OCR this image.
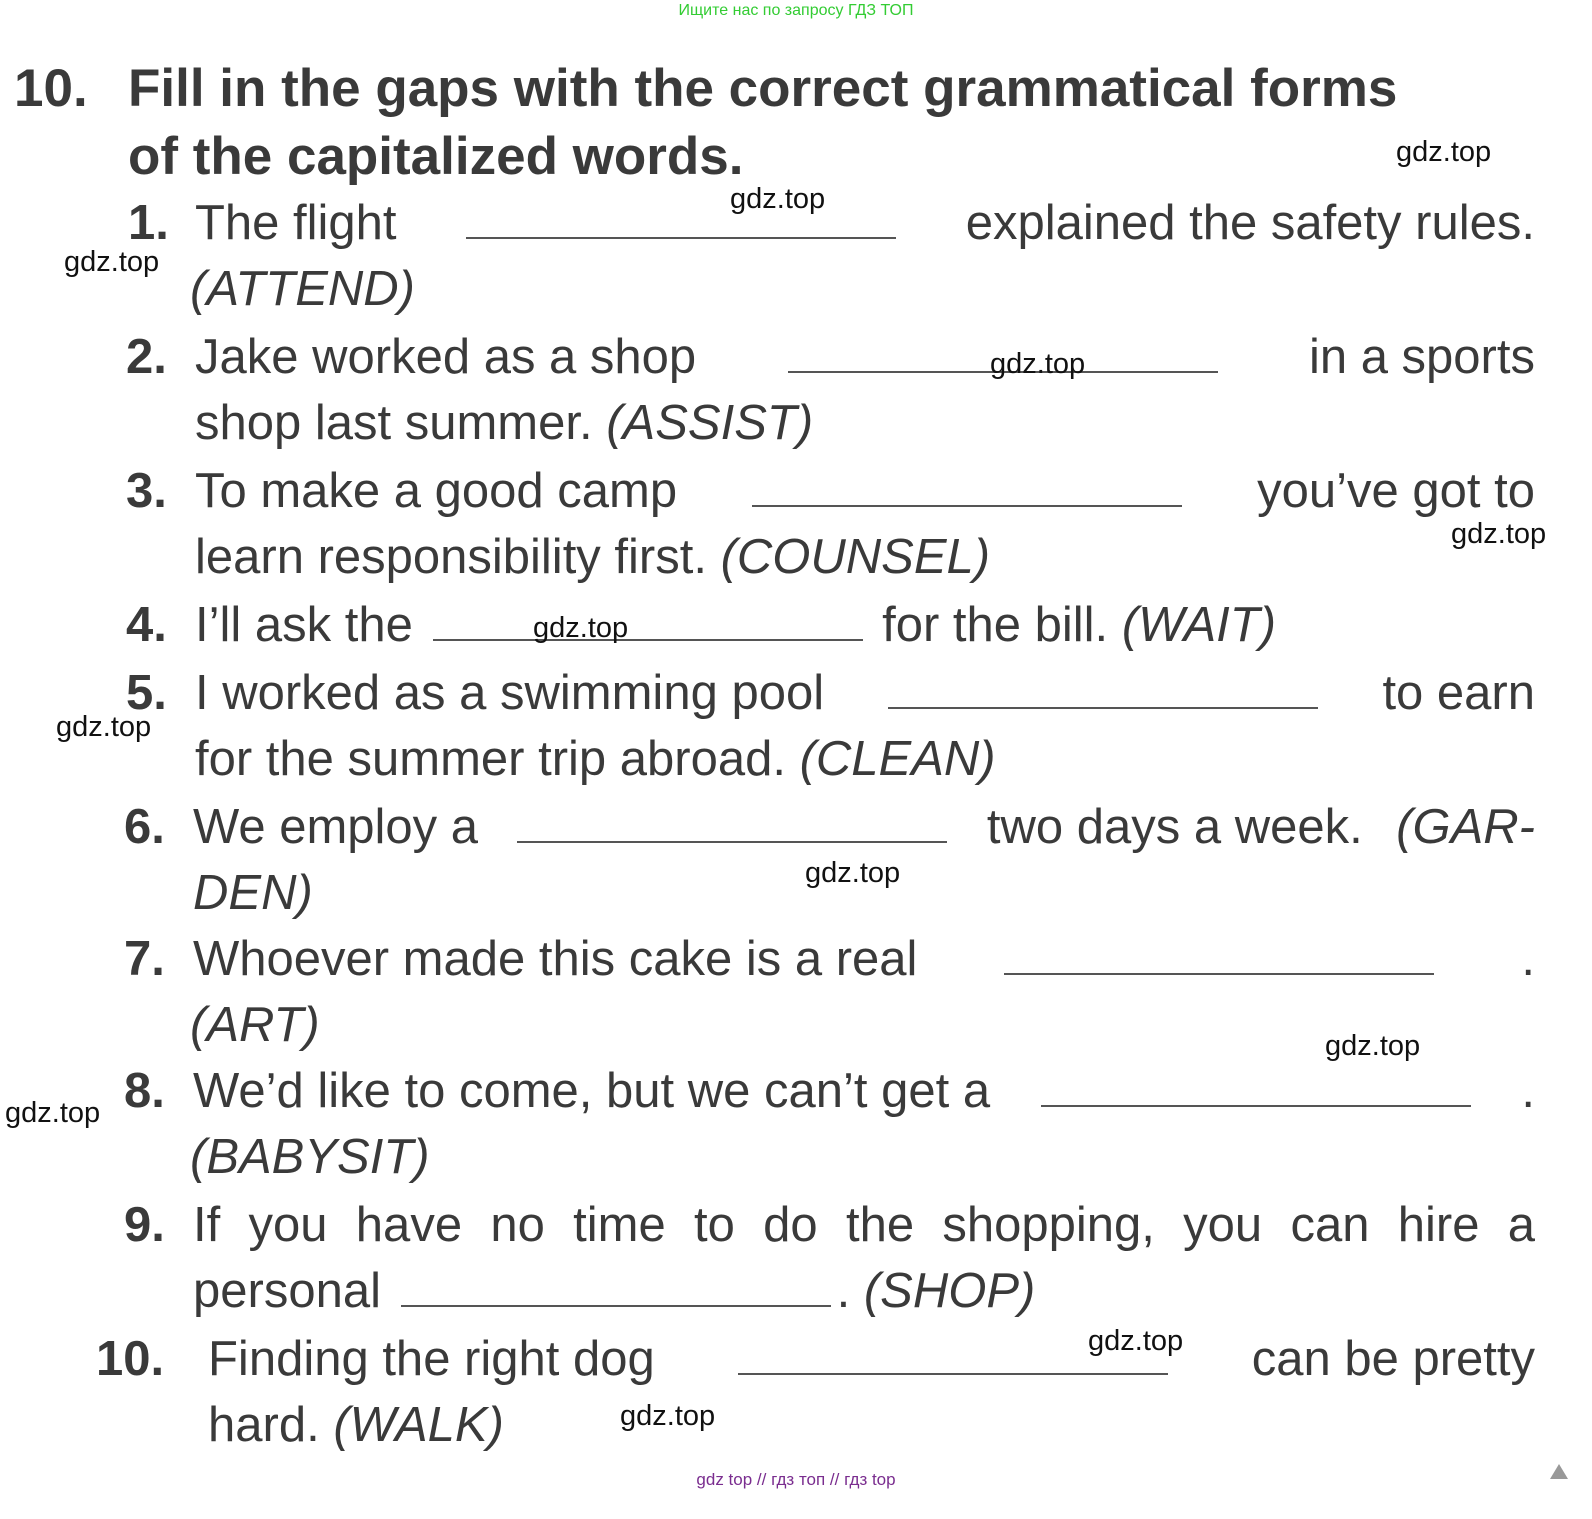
Ищите нас по запросу ГДЗ ТОП
10. Fill in the gaps with the correct grammatical forms
of the capitalized words.
1. The flight	explained the safety rules.
(ATTEND)
2. Jake worked as a shop	in a sports
shop last summer. (ASSIST)
3. To make a good camp	you’ve got to
learn responsibility first. (COUNSEL)
4. I’ll ask the	for the bill. (WAIT)
5. I worked as a swimming pool	to earn
for the summer trip abroad. (CLEAN)
6. We employ a	two days a week. (GAR-
DEN)
7. Whoever made this cake is a real	.
(ART)
8. We’d like to come, but we can’t get a	.
(BABYSIT)
9. If you have no time to do the shopping, you can hire a
personal	. (SHOP)
10. Finding the right dog	can be pretty
hard. (WALK)
gdz.top
gdz.top
gdz.top
gdz.top
gdz.top
gdz.top
gdz.top
gdz.top
gdz.top
gdz.top
gdz.top
gdz.top
gdz top // гдз топ // гдз top
